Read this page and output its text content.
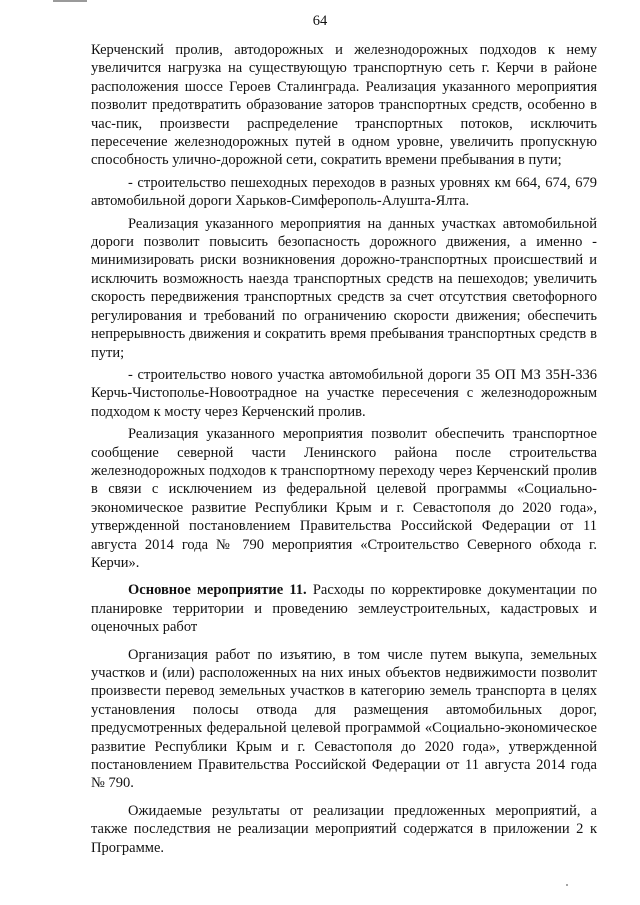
64

Керченский пролив, автодорожных и железнодорожных подходов к нему увеличится нагрузка на существующую транспортную сеть г. Керчи в районе расположения шоссе Героев Сталинграда. Реализация указанного мероприятия позволит предотвратить образование заторов транспортных средств, особенно в час-пик, произвести распределение транспортных потоков, исключить пересечение железнодорожных путей в одном уровне, увеличить пропускную способность улично-дорожной сети, сократить времени пребывания в пути;

- строительство пешеходных переходов в разных уровнях км 664, 674, 679 автомобильной дороги Харьков-Симферополь-Алушта-Ялта.

Реализация указанного мероприятия на данных участках автомобильной дороги позволит повысить безопасность дорожного движения, а именно - минимизировать риски возникновения дорожно-транспортных происшествий и исключить возможность наезда транспортных средств на пешеходов; увеличить скорость передвижения транспортных средств за счет отсутствия светофорного регулирования и требований по ограничению скорости движения; обеспечить непрерывность движения и сократить время пребывания транспортных средств в пути;

- строительство нового участка автомобильной дороги 35 ОП МЗ 35Н-336 Керчь-Чистополье-Новоотрадное на участке пересечения с железнодорожным подходом к мосту через Керченский пролив.

Реализация указанного мероприятия позволит обеспечить транспортное сообщение северной части Ленинского района после строительства железнодорожных подходов к транспортному переходу через Керченский пролив в связи с исключением из федеральной целевой программы «Социально-экономическое развитие Республики Крым и г. Севастополя до 2020 года», утвержденной постановлением Правительства Российской Федерации от 11 августа 2014 года № 790 мероприятия «Строительство Северного обхода г. Керчи».

Основное мероприятие 11. Расходы по корректировке документации по планировке территории и проведению землеустроительных, кадастровых и оценочных работ

Организация работ по изъятию, в том числе путем выкупа, земельных участков и (или) расположенных на них иных объектов недвижимости позволит произвести перевод земельных участков в категорию земель транспорта в целях установления полосы отвода для размещения автомобильных дорог, предусмотренных федеральной целевой программой «Социально-экономическое развитие Республики Крым и г. Севастополя до 2020 года», утвержденной постановлением Правительства Российской Федерации от 11 августа 2014 года № 790.

Ожидаемые результаты от реализации предложенных мероприятий, а также последствия не реализации мероприятий содержатся в приложении 2 к Программе.
